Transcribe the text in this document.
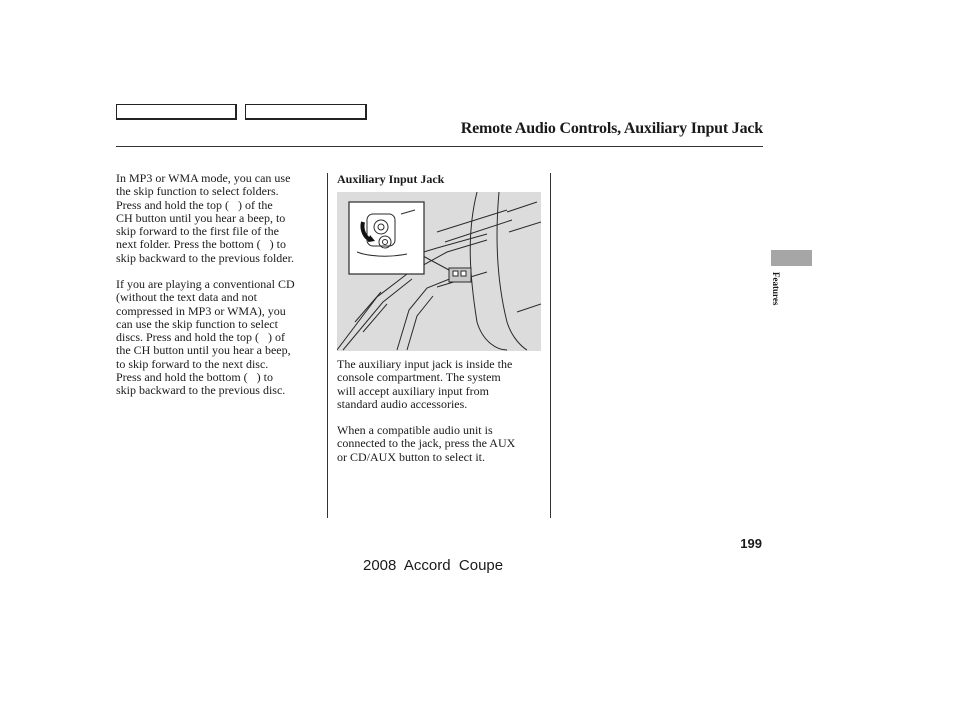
Remote Audio Controls, Auxiliary Input Jack
In MP3 or WMA mode, you can use
the skip function to select folders.
Press and hold the top (   ) of the
CH button until you hear a beep, to
skip forward to the first file of the
next folder. Press the bottom (   ) to
skip backward to the previous folder.
If you are playing a conventional CD
(without the text data and not
compressed in MP3 or WMA), you
can use the skip function to select
discs. Press and hold the top (   ) of
the CH button until you hear a beep,
to skip forward to the next disc.
Press and hold the bottom (   ) to
skip backward to the previous disc.
Auxiliary Input Jack
The auxiliary input jack is inside the
console compartment. The system
will accept auxiliary input from
standard audio accessories.
When a compatible audio unit is
connected to the jack, press the AUX
or CD/AUX button to select it.
Features
199
2008  Accord  Coupe
